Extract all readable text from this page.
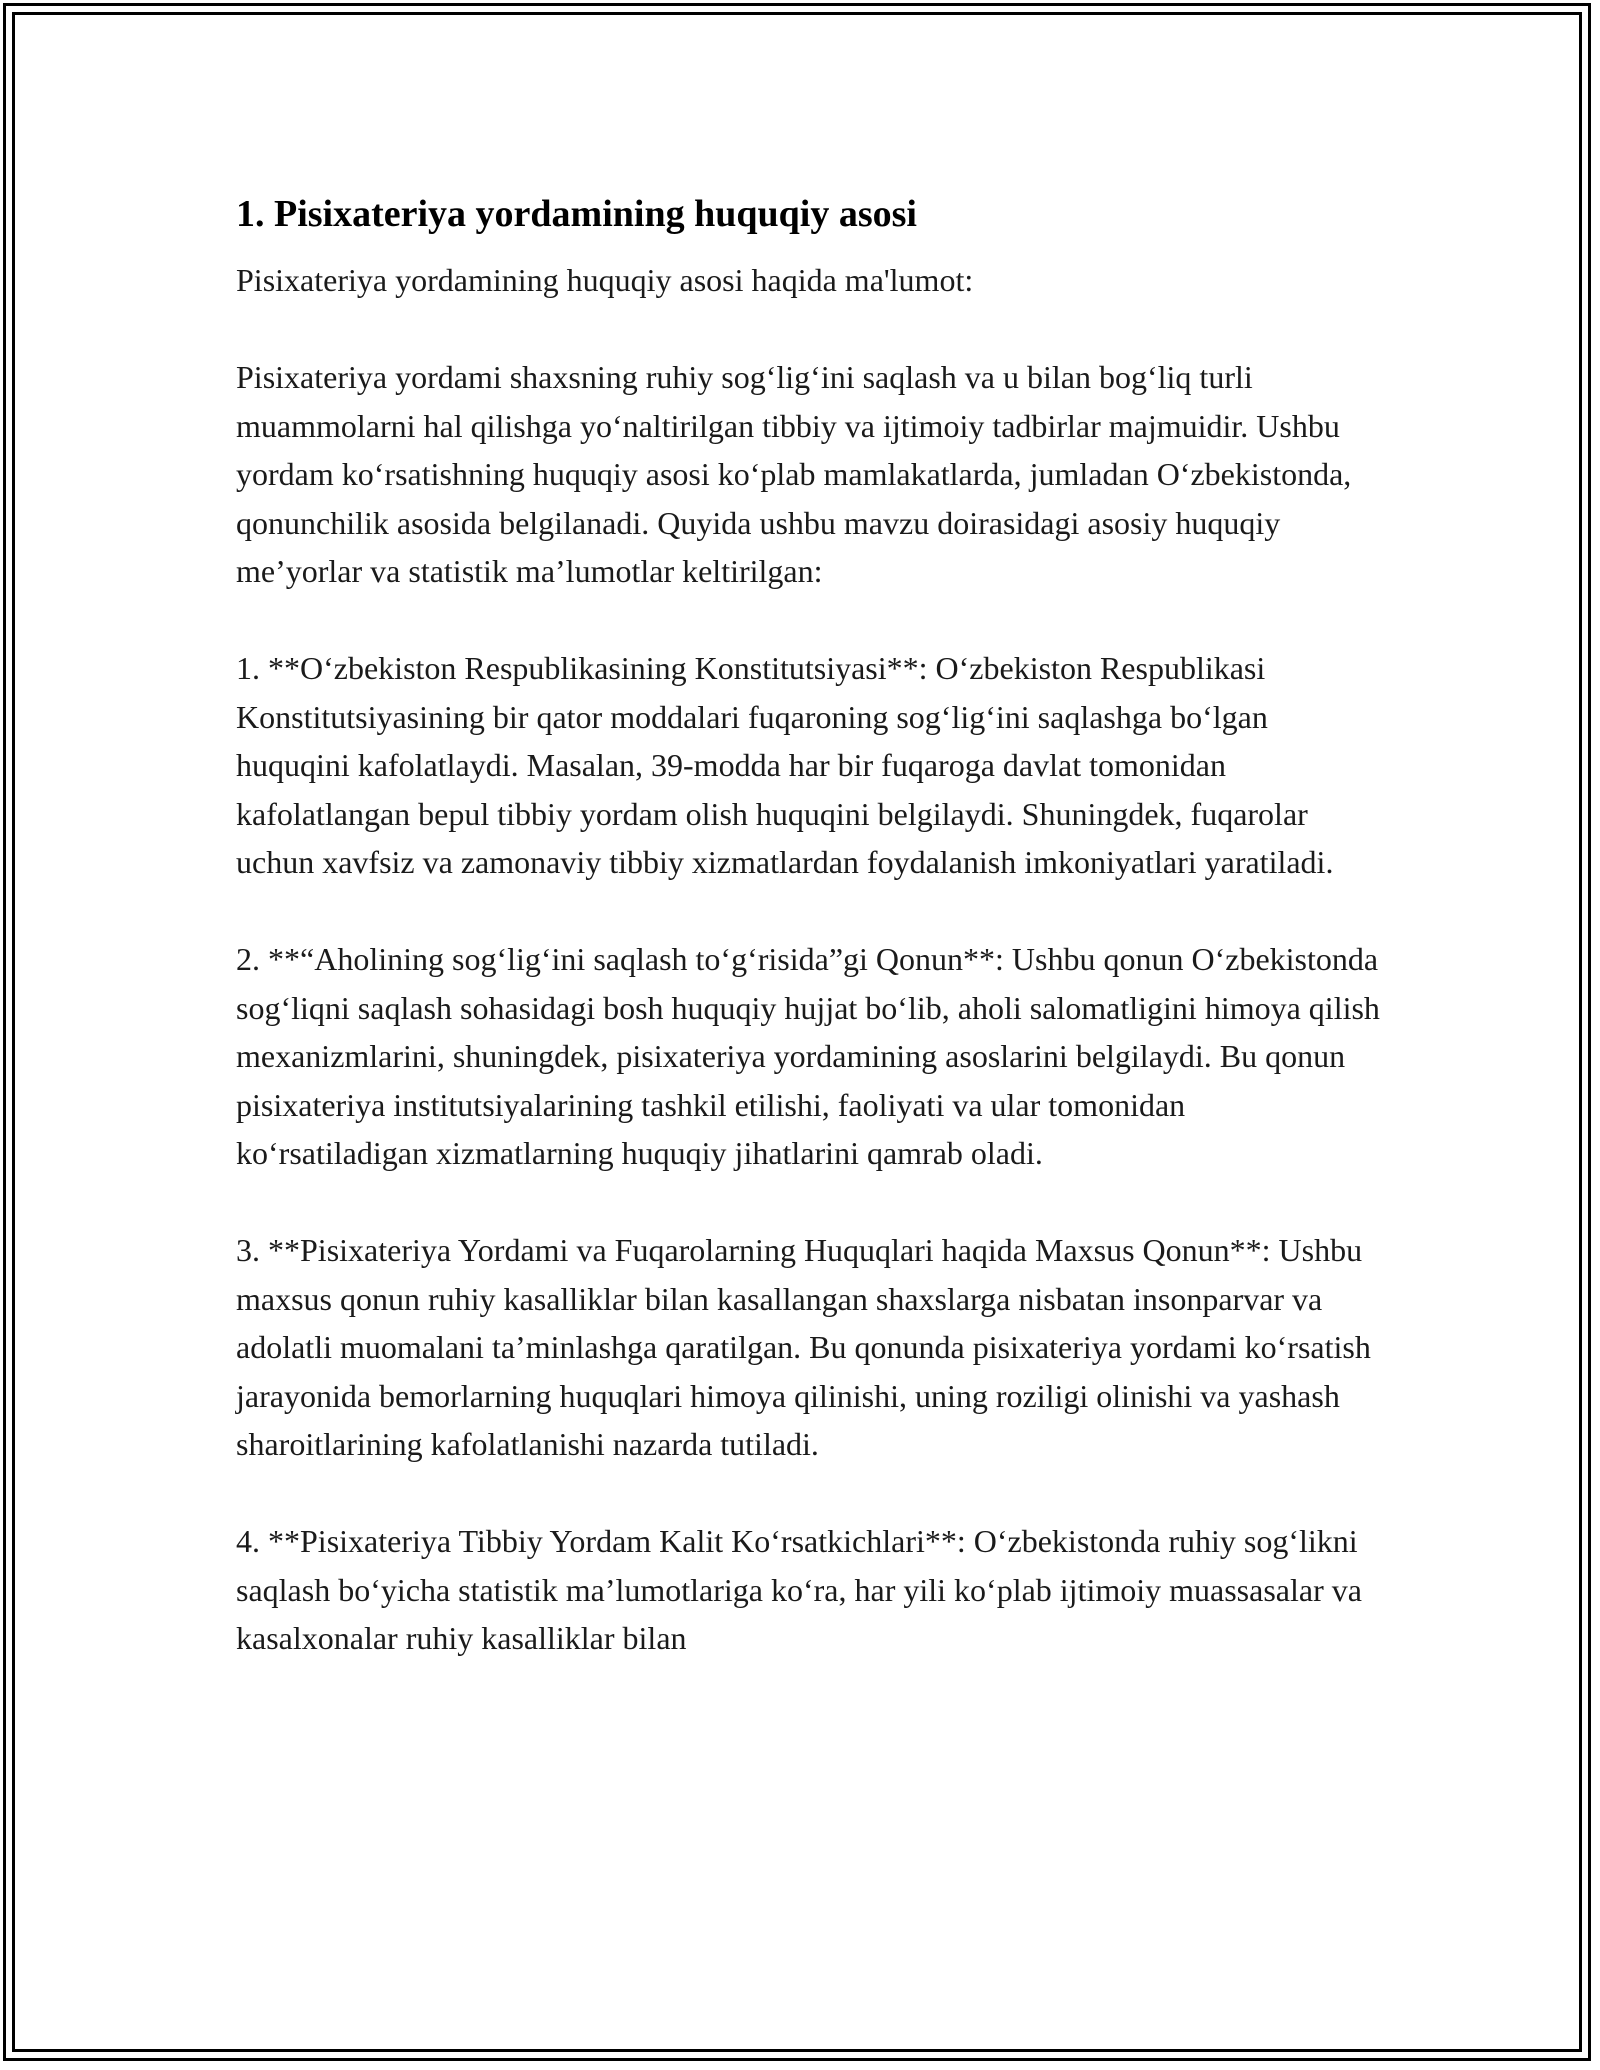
1. Pisixateriya yordamining huquqiy asosi

Pisixateriya yordamining huquqiy asosi haqida ma'lumot:

Pisixateriya yordami shaxsning ruhiy sog‘lig‘ini saqlash va u bilan bog‘liq turli muammolarni hal qilishga yo‘naltirilgan tibbiy va ijtimoiy tadbirlar majmuidir. Ushbu yordam ko‘rsatishning huquqiy asosi ko‘plab mamlakatlarda, jumladan O‘zbekistonda, qonunchilik asosida belgilanadi. Quyida ushbu mavzu doirasidagi asosiy huquqiy me’yorlar va statistik ma’lumotlar keltirilgan:

1. **O‘zbekiston Respublikasining Konstitutsiyasi**: O‘zbekiston Respublikasi Konstitutsiyasining bir qator moddalari fuqaroning sog‘lig‘ini saqlashga bo‘lgan huquqini kafolatlaydi. Masalan, 39-modda har bir fuqaroga davlat tomonidan kafolatlangan bepul tibbiy yordam olish huquqini belgilaydi. Shuningdek, fuqarolar uchun xavfsiz va zamonaviy tibbiy xizmatlardan foydalanish imkoniyatlari yaratiladi.

2. **“Aholining sog‘lig‘ini saqlash to‘g‘risida”gi Qonun**: Ushbu qonun O‘zbekistonda sog‘liqni saqlash sohasidagi bosh huquqiy hujjat bo‘lib, aholi salomatligini himoya qilish mexanizmlarini, shuningdek, pisixateriya yordamining asoslarini belgilaydi. Bu qonun pisixateriya institutsiyalarining tashkil etilishi, faoliyati va ular tomonidan ko‘rsatiladigan xizmatlarning huquqiy jihatlarini qamrab oladi.

3. **Pisixateriya Yordami va Fuqarolarning Huquqlari haqida Maxsus Qonun**: Ushbu maxsus qonun ruhiy kasalliklar bilan kasallangan shaxslarga nisbatan insonparvar va adolatli muomalani ta’minlashga qaratilgan. Bu qonunda pisixateriya yordami ko‘rsatish jarayonida bemorlarning huquqlari himoya qilinishi, uning roziligi olinishi va yashash sharoitlarining kafolatlanishi nazarda tutiladi.

4. **Pisixateriya Tibbiy Yordam Kalit Ko‘rsatkichlari**: O‘zbekistonda ruhiy sog‘likni saqlash bo‘yicha statistik ma’lumotlariga ko‘ra, har yili ko‘plab ijtimoiy muassasalar va kasalxonalar ruhiy kasalliklar bilan
